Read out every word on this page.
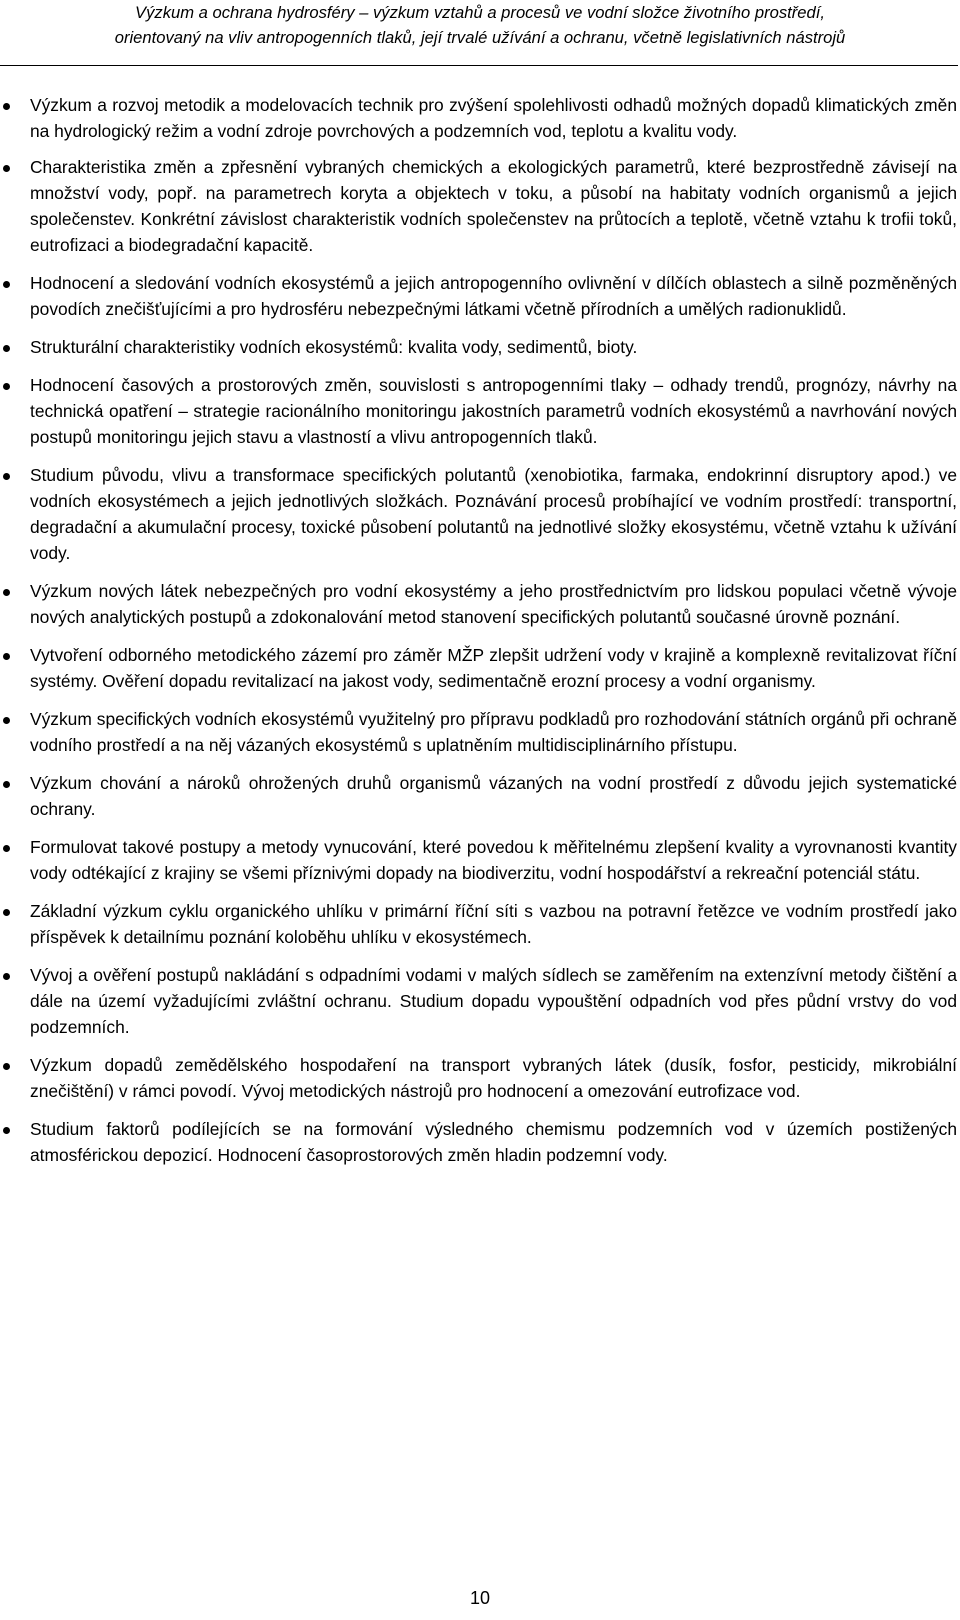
Výzkum a ochrana hydrosféry – výzkum vztahů a procesů ve vodní složce životního prostředí,
orientovaný na vliv antropogenních tlaků, její trvalé užívání a ochranu, včetně legislativních nástrojů
Výzkum a rozvoj metodik a modelovacích technik pro zvýšení spolehlivosti odhadů možných dopadů klimatických změn na hydrologický režim a vodní zdroje povrchových a podzemních vod, teplotu a kvalitu vody.
Charakteristika změn a zpřesnění vybraných chemických a ekologických parametrů, které bezprostředně závisejí na množství vody, popř. na parametrech koryta a objektech v toku, a působí na habitaty vodních organismů a jejich společenstev. Konkrétní závislost charakteristik vodních společenstev na průtocích a teplotě, včetně vztahu k trofii toků, eutrofizaci a biodegradační kapacitě.
Hodnocení a sledování vodních ekosystémů a jejich antropogenního ovlivnění v dílčích oblastech a silně pozměněných povodích znečišťujícími a pro hydrosféru nebezpečnými látkami včetně přírodních a umělých radionuklidů.
Strukturální charakteristiky vodních ekosystémů: kvalita vody, sedimentů, bioty.
Hodnocení časových a prostorových změn, souvislosti s antropogenními tlaky – odhady trendů, prognózy, návrhy na technická opatření – strategie racionálního monitoringu jakostních parametrů vodních ekosystémů a navrhování nových postupů monitoringu jejich stavu a vlastností a vlivu antropogenních tlaků.
Studium původu, vlivu a transformace specifických polutantů (xenobiotika, farmaka, endokrinní disruptory apod.) ve vodních ekosystémech a jejich jednotlivých složkách. Poznávání procesů probíhající ve vodním prostředí: transportní, degradační a akumulační procesy, toxické působení polutantů na jednotlivé složky ekosystému, včetně vztahu k užívání vody.
Výzkum nových látek nebezpečných pro vodní ekosystémy a jeho prostřednictvím pro lidskou populaci včetně vývoje nových analytických postupů a zdokonalování metod stanovení specifických polutantů současné úrovně poznání.
Vytvoření odborného metodického zázemí pro záměr MŽP zlepšit udržení vody v krajině a komplexně revitalizovat říční systémy. Ověření dopadu revitalizací na jakost vody, sedimentačně erozní procesy a vodní organismy.
Výzkum specifických vodních ekosystémů využitelný pro přípravu podkladů pro rozhodování státních orgánů při ochraně vodního prostředí a na něj vázaných ekosystémů s uplatněním multidisciplinárního přístupu.
Výzkum chování a nároků ohrožených druhů organismů vázaných na vodní prostředí z důvodu jejich systematické ochrany.
Formulovat takové postupy a metody vynucování, které povedou k měřitelnému zlepšení kvality a vyrovnanosti kvantity vody odtékající z krajiny se všemi příznivými dopady na biodiverzitu, vodní hospodářství a rekreační potenciál státu.
Základní výzkum cyklu organického uhlíku v primární říční síti s vazbou na potravní řetězce ve vodním prostředí jako příspěvek k detailnímu poznání koloběhu uhlíku v ekosystémech.
Vývoj a ověření postupů nakládání s odpadními vodami v malých sídlech se zaměřením na extenzívní metody čištění a dále na území vyžadujícími zvláštní ochranu. Studium dopadu vypouštění odpadních vod přes půdní vrstvy do vod podzemních.
Výzkum dopadů zemědělského hospodaření na transport vybraných látek (dusík, fosfor, pesticidy, mikrobiální znečištění) v rámci povodí. Vývoj metodických nástrojů pro hodnocení a omezování eutrofizace vod.
Studium faktorů podílejících se na formování výsledného chemismu podzemních vod v územích postižených atmosférickou depozicí. Hodnocení časoprostorových změn hladin podzemní vody.
10
